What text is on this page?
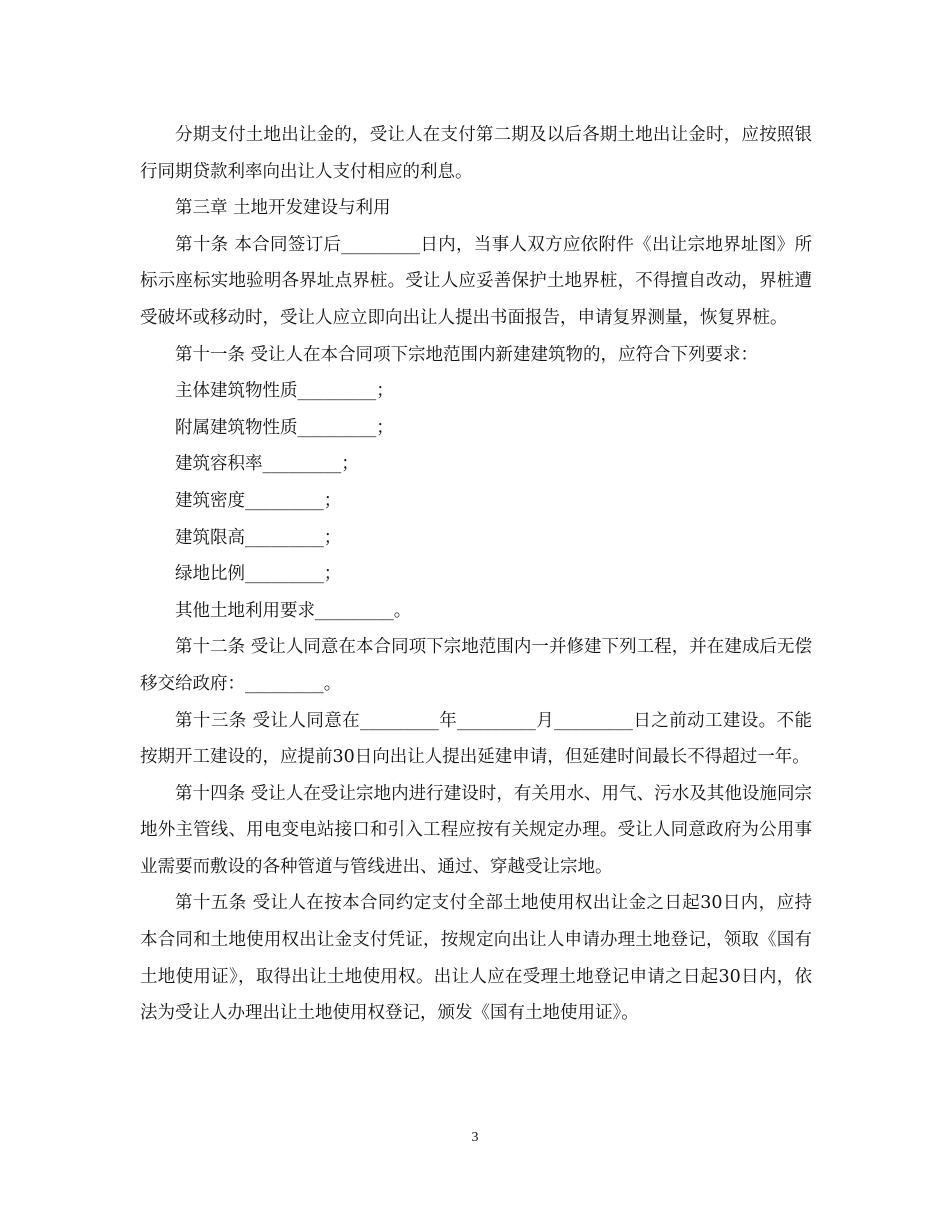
分期支付土地出让金的，受让人在支付第二期及以后各期土地出让金时，应按照银行同期贷款利率向出让人支付相应的利息。

第三章 土地开发建设与利用

第十条 本合同签订后_________日内，当事人双方应依附件《出让宗地界址图》所标示座标实地验明各界址点界桩。受让人应妥善保护土地界桩，不得擅自改动，界桩遭受破坏或移动时，受让人应立即向出让人提出书面报告，申请复界测量，恢复界桩。

第十一条 受让人在本合同项下宗地范围内新建建筑物的，应符合下列要求：

主体建筑物性质_________；

附属建筑物性质_________；

建筑容积率_________；

建筑密度_________；

建筑限高_________；

绿地比例_________；

其他土地利用要求_________。

第十二条 受让人同意在本合同项下宗地范围内一并修建下列工程，并在建成后无偿移交给政府：_________。

第十三条 受让人同意在_________年_________月_________日之前动工建设。不能按期开工建设的，应提前30日向出让人提出延建申请，但延建时间最长不得超过一年。

第十四条 受让人在受让宗地内进行建设时，有关用水、用气、污水及其他设施同宗地外主管线、用电变电站接口和引入工程应按有关规定办理。受让人同意政府为公用事业需要而敷设的各种管道与管线进出、通过、穿越受让宗地。

第十五条 受让人在按本合同约定支付全部土地使用权出让金之日起30日内，应持本合同和土地使用权出让金支付凭证，按规定向出让人申请办理土地登记，领取《国有土地使用证》，取得出让土地使用权。出让人应在受理土地登记申请之日起30日内，依法为受让人办理出让土地使用权登记，颁发《国有土地使用证》。

3
